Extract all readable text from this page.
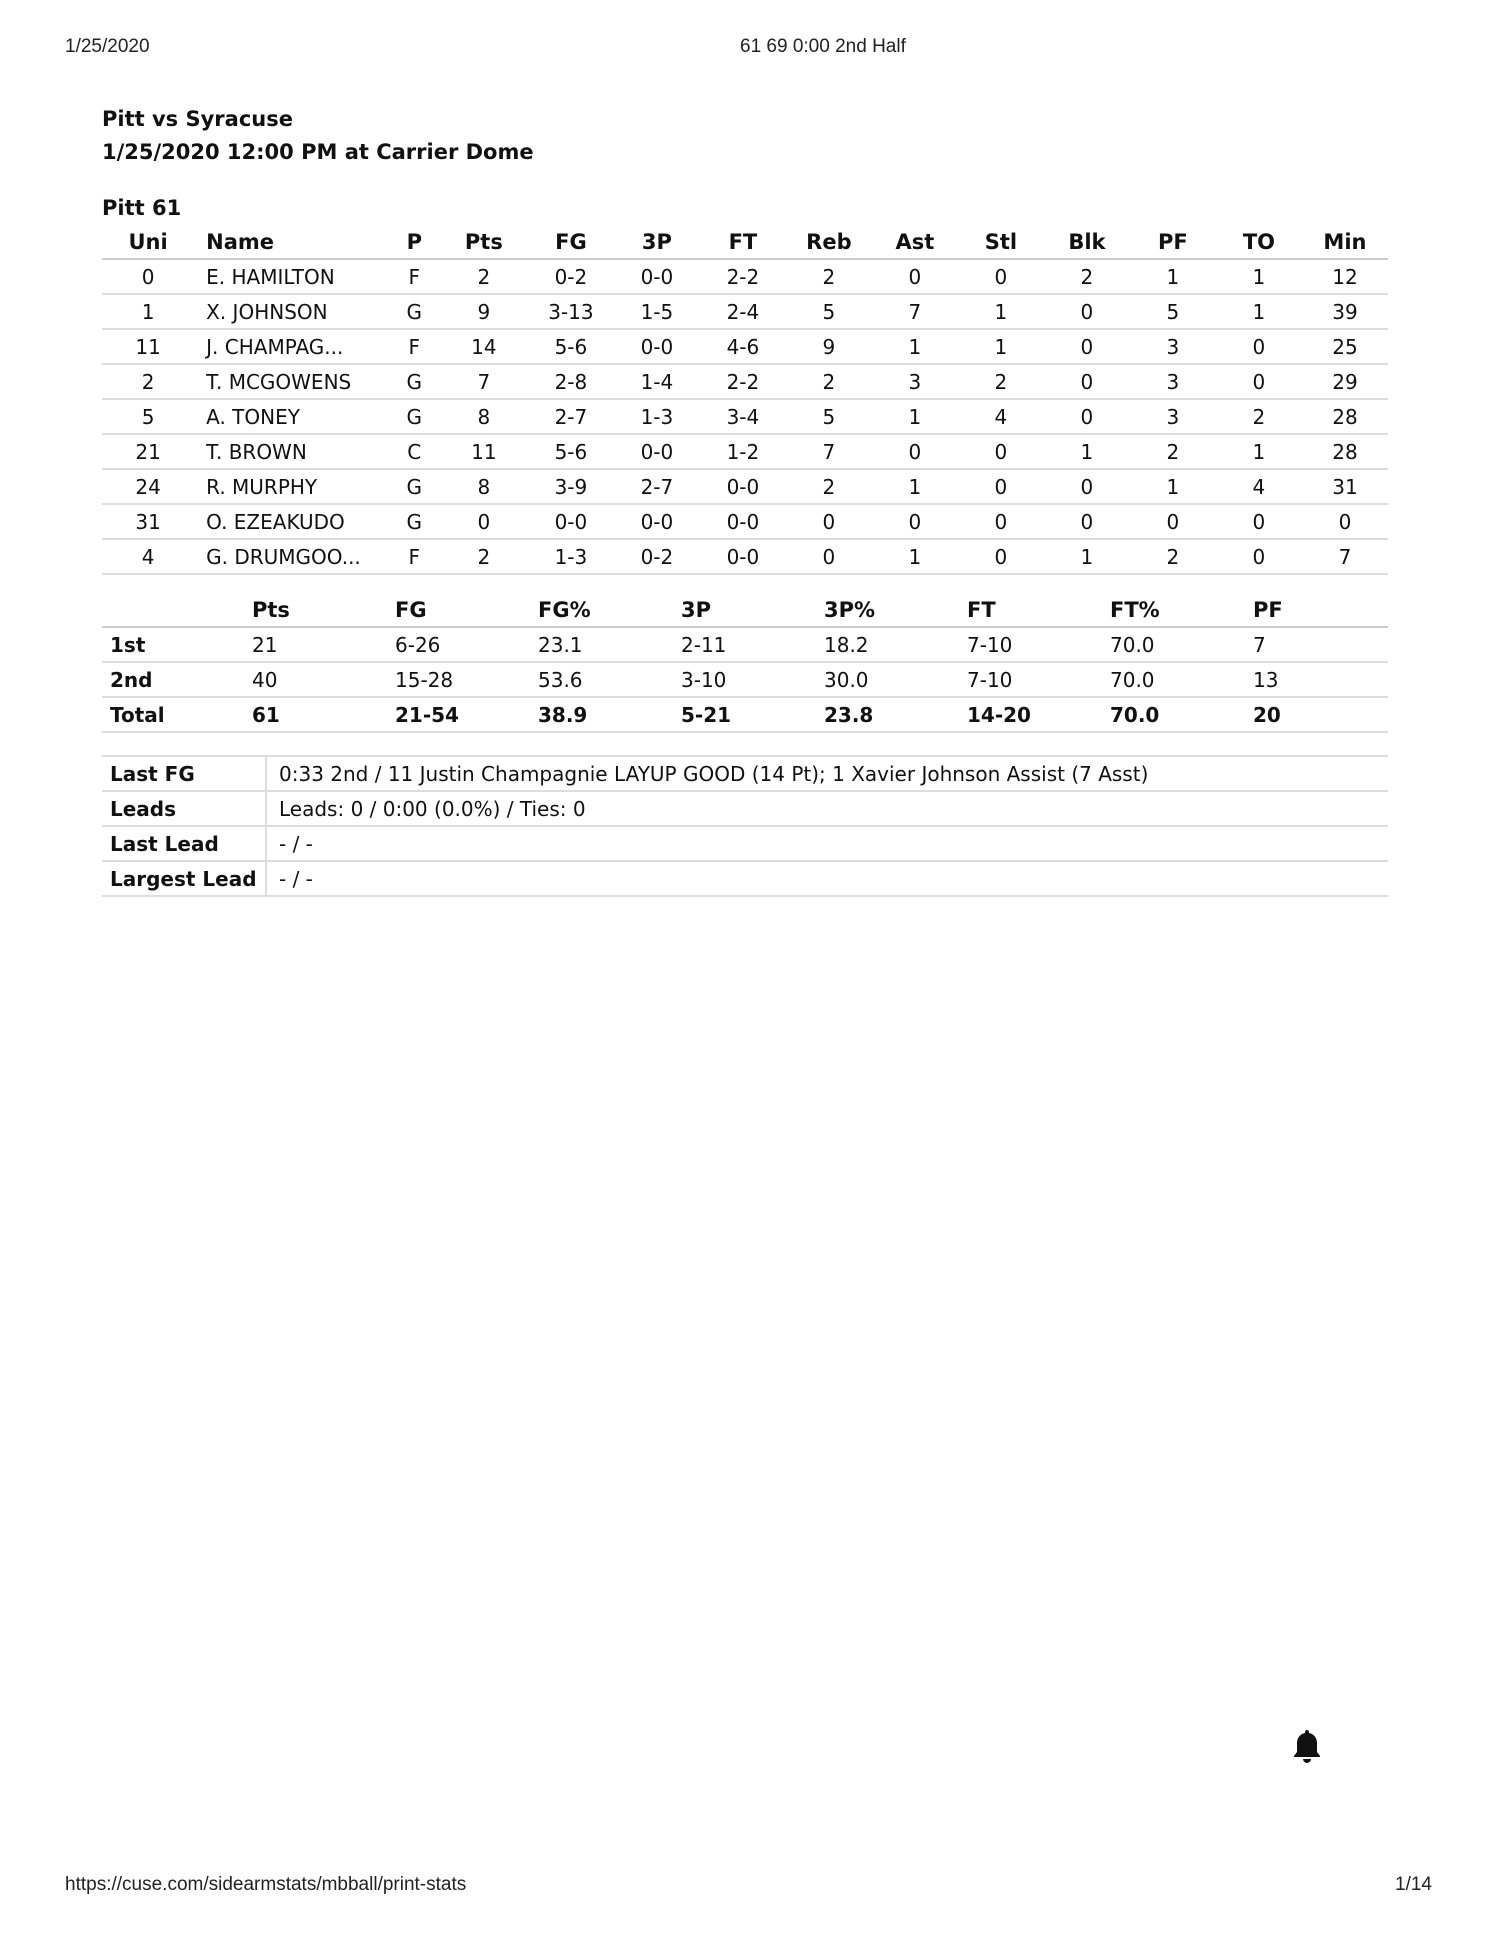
1/25/2020	61 69 0:00 2nd Half
Pitt vs Syracuse
1/25/2020 12:00 PM at Carrier Dome
Pitt 61
Uni	Name	P	Pts	FG	3P	FT	Reb	Ast	Stl	Blk	PF	TO	Min
0	E. HAMILTON	F	2	0-2	0-0	2-2	2	0	0	2	1	1	12
1	X. JOHNSON	G	9	3-13	1-5	2-4	5	7	1	0	5	1	39
11	J. CHAMPAG...	F	14	5-6	0-0	4-6	9	1	1	0	3	0	25
2	T. MCGOWENS	G	7	2-8	1-4	2-2	2	3	2	0	3	0	29
5	A. TONEY	G	8	2-7	1-3	3-4	5	1	4	0	3	2	28
21	T. BROWN	C	11	5-6	0-0	1-2	7	0	0	1	2	1	28
24	R. MURPHY	G	8	3-9	2-7	0-0	2	1	0	0	1	4	31
31	O. EZEAKUDO	G	0	0-0	0-0	0-0	0	0	0	0	0	0	0
4	G. DRUMGOO...	F	2	1-3	0-2	0-0	0	1	0	1	2	0	7
	Pts	FG	FG%	3P	3P%	FT	FT%	PF
1st	21	6-26	23.1	2-11	18.2	7-10	70.0	7
2nd	40	15-28	53.6	3-10	30.0	7-10	70.0	13
Total	61	21-54	38.9	5-21	23.8	14-20	70.0	20
Last FG	0:33 2nd / 11 Justin Champagnie LAYUP GOOD (14 Pt); 1 Xavier Johnson Assist (7 Asst)
Leads	Leads: 0 / 0:00 (0.0%) / Ties: 0
Last Lead	- / -
Largest Lead	- / -
https://cuse.com/sidearmstats/mbball/print-stats	1/14
